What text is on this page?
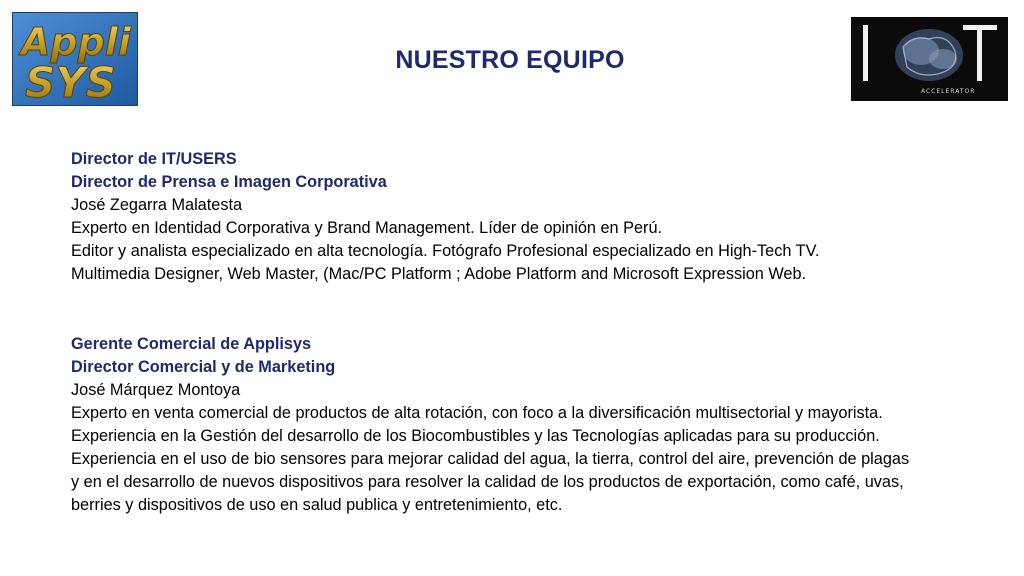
Appli
SYS	NUESTRO EQUIPO
ACCELERATOR
Director de IT/USERS
Director de Prensa e Imagen Corporativa
José Zegarra Malatesta
Experto en Identidad Corporativa y Brand Management. Líder de opinión en Perú.
Editor y analista especializado en alta tecnología. Fotógrafo Profesional especializado en High-Tech TV.
Multimedia Designer, Web Master, (Mac/PC Platform ; Adobe Platform and Microsoft Expression Web.
Gerente Comercial de Applisys
Director Comercial y de Marketing
José Márquez Montoya
Experto en venta comercial de productos de alta rotación, con foco a la diversificación multisectorial y mayorista.
Experiencia en la Gestión del desarrollo de los Biocombustibles y las Tecnologías aplicadas para su producción.
Experiencia en el uso de bio sensores para mejorar calidad del agua, la tierra, control del aire, prevención de plagas
y en el desarrollo de nuevos dispositivos para resolver la calidad de los productos de exportación, como café, uvas,
berries y dispositivos de uso en salud publica y entretenimiento, etc.
